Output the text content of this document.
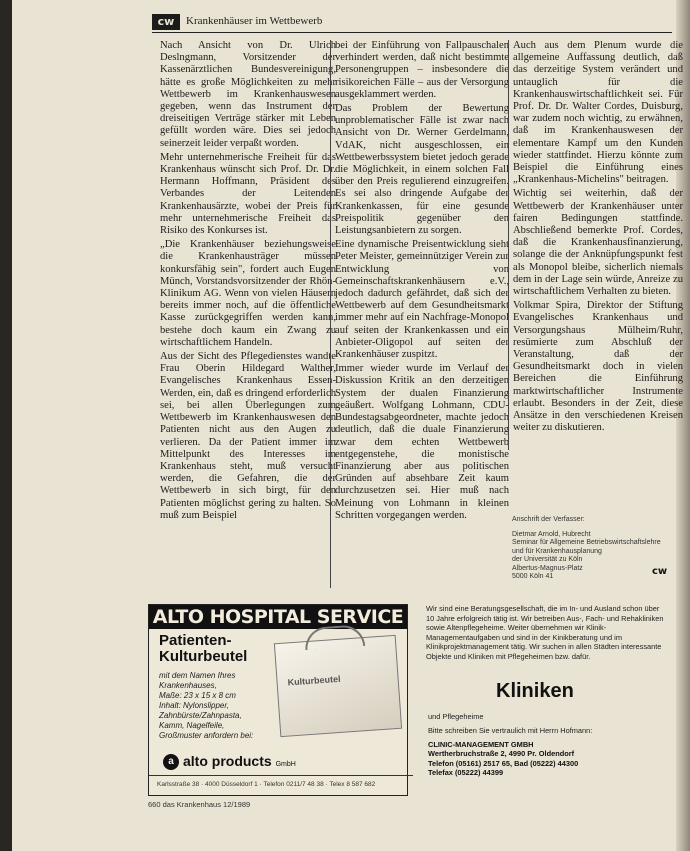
cw	Krankenhäuser im Wettbewerb

Nach Ansicht von Dr. Ulrich Deslngmann, Vorsitzender der Kassenärztlichen Bundesvereinigung, hätte es große Möglichkeiten zu mehr Wettbewerb im Krankenhauswesen gegeben, wenn das Instrument der dreiseitigen Verträge stärker mit Leben gefüllt worden wäre. Dies sei jedoch seinerzeit leider verpaßt worden.

Mehr unternehmerische Freiheit für das Krankenhaus wünscht sich Prof. Dr. Dr. Hermann Hoffmann, Präsident des Verbandes der Leitenden Krankenhausärzte, wobei der Preis für mehr unternehmerische Freiheit das Risiko des Konkurses ist.

„Die Krankenhäuser beziehungsweise die Krankenhausträger müssen konkursfähig sein", fordert auch Eugen Münch, Vorstandsvorsitzender der Rhön-Klinikum AG. Wenn von vielen Häusern bereits immer noch, auf die öffentliche Kasse zurückgegriffen werden kann, bestehe doch kaum ein Zwang zu wirtschaftlichem Handeln.

Aus der Sicht des Pflegedienstes wandte Frau Oberin Hildegard Walther, Evangelisches Krankenhaus Essen-Werden, ein, daß es dringend erforderlich sei, bei allen Überlegungen zum Wettbewerb im Krankenhauswesen den Patienten nicht aus den Augen zu verlieren. Da der Patient immer im Mittelpunkt des Interesses im Krankenhaus steht, muß versucht werden, die Gefahren, die der Wettbewerb in sich birgt, für den Patienten möglichst gering zu halten. So muß zum Beispiel

bei der Einführung von Fallpauschalen verhindert werden, daß nicht bestimmte Personengruppen – insbesondere die risikoreichen Fälle – aus der Versorgung ausgeklammert werden.

Das Problem der Bewertung unproblematischer Fälle ist zwar nach Ansicht von Dr. Werner Gerdelmann, VdAK, nicht ausgeschlossen, ein Wettbewerbssystem bietet jedoch gerade die Möglichkeit, in einem solchen Fall über den Preis regulierend einzugreifen. Es sei also dringende Aufgabe der Krankenkassen, für eine gesunde Preispolitik gegenüber den Leistungsanbietern zu sorgen.

Eine dynamische Preisentwicklung sieht Peter Meister, gemeinnütziger Verein zur Entwicklung von Gemeinschaftskrankenhäusern e.V., jedoch dadurch gefährdet, daß sich der Wettbewerb auf dem Gesundheitsmarkt immer mehr auf ein Nachfrage-Monopol auf seiten der Krankenkassen und ein Anbieter-Oligopol auf seiten der Krankenhäuser zuspitzt.

Immer wieder wurde im Verlauf der Diskussion Kritik an den derzeitigen System der dualen Finanzierung geäußert. Wolfgang Lohmann, CDU-Bundestagsabgeordneter, machte jedoch deutlich, daß die duale Finanzierung zwar dem echten Wettbewerb entgegenstehe, die monistische Finanzierung aber aus politischen Gründen auf absehbare Zeit kaum durchzusetzen sei. Hier muß nach Meinung von Lohmann in kleinen Schritten vorgegangen werden.

Auch aus dem Plenum wurde die allgemeine Auffassung deutlich, daß das derzeitige System verändert und untauglich für die Krankenhauswirtschaftlichkeit sei. Für Prof. Dr. Dr. Walter Cordes, Duisburg, war zudem noch wichtig, zu erwähnen, daß im Krankenhauswesen der elementare Kampf um den Kunden wieder stattfindet. Hierzu könnte zum Beispiel die Einführung eines „Krankenhaus-Michelins" beitragen.

Wichtig sei weiterhin, daß der Wettbewerb der Krankenhäuser unter fairen Bedingungen stattfinde. Abschließend bemerkte Prof. Cordes, daß die Krankenhausfinanzierung, solange die der Anknüpfungspunkt fest als Monopol bleibe, sicherlich niemals dem in der Lage sein würde, Anreize zu wirtschaftlichem Verhalten zu bieten.

Volkmar Spira, Direktor der Stiftung Evangelisches Krankenhaus und Versorgungshaus Mülheim/Ruhr, resümierte zum Abschluß der Veranstaltung, daß der Gesundheitsmarkt doch in vielen Bereichen die Einführung marktwirtschaftlicher Instrumente erlaubt. Besonders in der Zeit, diese Ansätze in den verschiedenen Kreisen weiter zu diskutieren.

Anschrift der Verfasser:
Dietmar Arnold, Hubrecht
Seminar für Allgemeine Betriebswirtschaftslehre
und für Krankenhausplanung
der Universität zu Köln
Albertus-Magnus-Platz
5000 Köln 41	cw
ALTO HOSPITAL SERVICE
Patienten-
Kulturbeutel
mit dem Namen Ihres
Krankenhauses,
Maße: 23 x 15 x 8 cm
Inhalt: Nylonslipper,
Zahnbürste/Zahnpasta,
Kamm, Nagelfeile,
Großmuster anfordern bei:
Kulturbeutel
a alto products GmbH
Karlsstraße 38 · 4000 Düsseldorf 1 · Telefon 0211/7 48 38 · Telex 8 587 682
Wir sind eine Beratungsgesellschaft, die im In- und Ausland schon über 10 Jahre erfolgreich tätig ist. Wir betreiben Aus-, Fach- und Rehakliniken sowie Altenpflegeheime. Weiter übernehmen wir Klinik-Managementaufgaben und sind in der Kinikberatung und im Klinikprojektmanagement tätig. Wir suchen in allen Städten interessante Objekte und Kliniken mit Pflegeheimen bzw. dafür.
Kliniken
und Pflegeheime
Bitte schreiben Sie vertraulich mit Herrn Hofmann:
CLINIC-MANAGEMENT GMBH
Wertherbruchstraße 2, 4990 Pr. Oldendorf
Telefon (05161) 2517 65, Bad (05222) 44300
Telefax (05222) 44399
660 das Krankenhaus 12/1989
